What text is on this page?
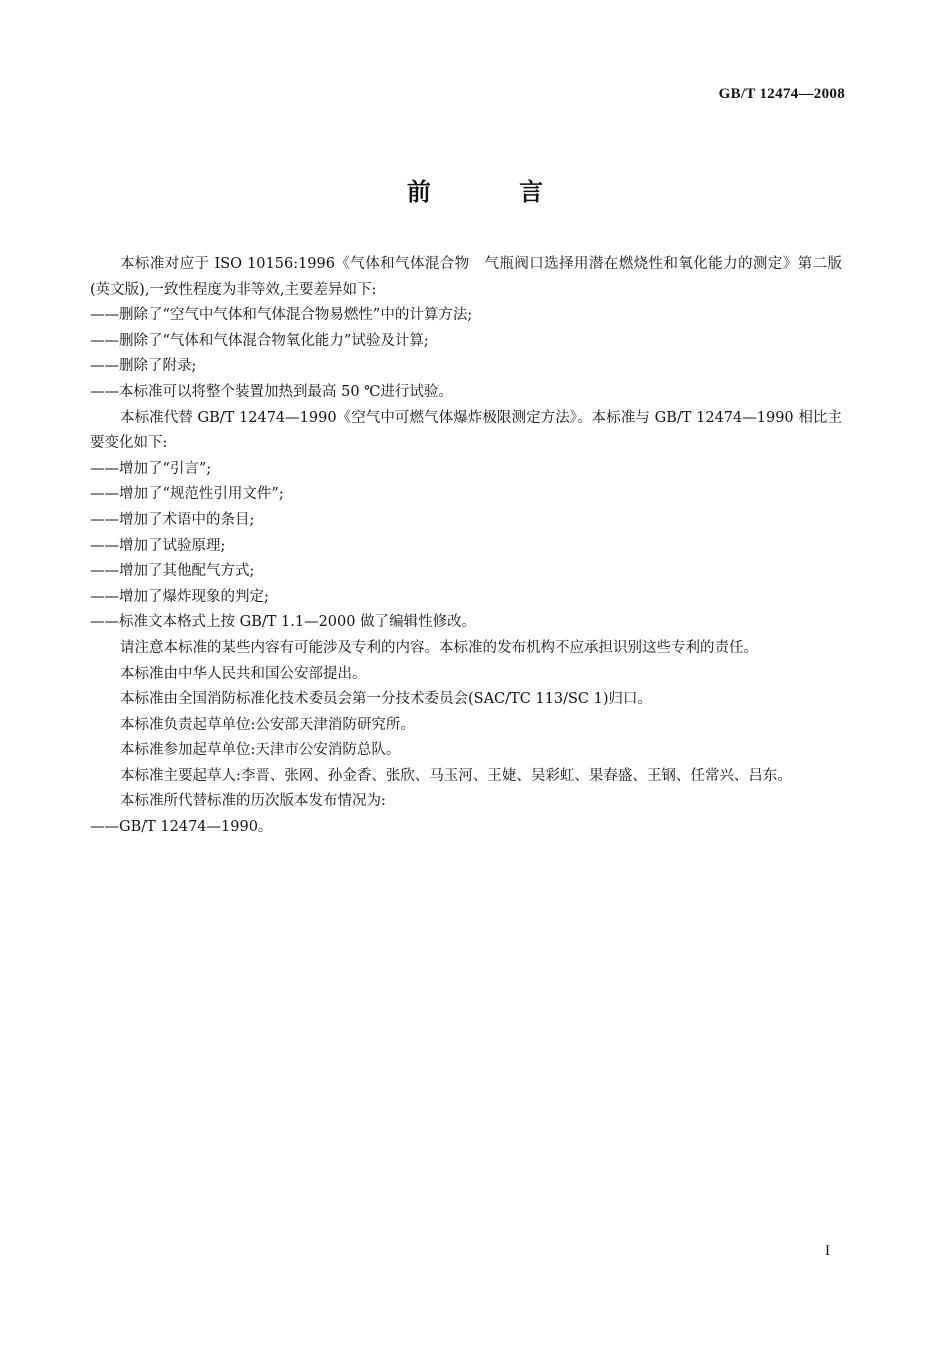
GB/T 12474—2008
前 言

本标准对应于 ISO 10156:1996《气体和气体混合物　气瓶阀口选择用潜在燃烧性和氧化能力的测定》第二版(英文版),一致性程度为非等效,主要差异如下:

——删除了“空气中气体和气体混合物易燃性”中的计算方法;

——删除了“气体和气体混合物氧化能力”试验及计算;

——删除了附录;

——本标准可以将整个装置加热到最高 50 ℃进行试验。

本标准代替 GB/T 12474—1990《空气中可燃气体爆炸极限测定方法》。本标准与 GB/T 12474—1990 相比主要变化如下:

——增加了“引言”;

——增加了“规范性引用文件”;

——增加了术语中的条目;

——增加了试验原理;

——增加了其他配气方式;

——增加了爆炸现象的判定;

——标准文本格式上按 GB/T 1.1—2000 做了编辑性修改。

请注意本标准的某些内容有可能涉及专利的内容。本标准的发布机构不应承担识别这些专利的责任。

本标准由中华人民共和国公安部提出。

本标准由全国消防标准化技术委员会第一分技术委员会(SAC/TC 113/SC 1)归口。

本标准负责起草单位:公安部天津消防研究所。

本标准参加起草单位:天津市公安消防总队。

本标准主要起草人:李晋、张网、孙金香、张欣、马玉河、王婕、吴彩虹、果春盛、王钢、任常兴、吕东。

本标准所代替标准的历次版本发布情况为:

——GB/T 12474—1990。

I
